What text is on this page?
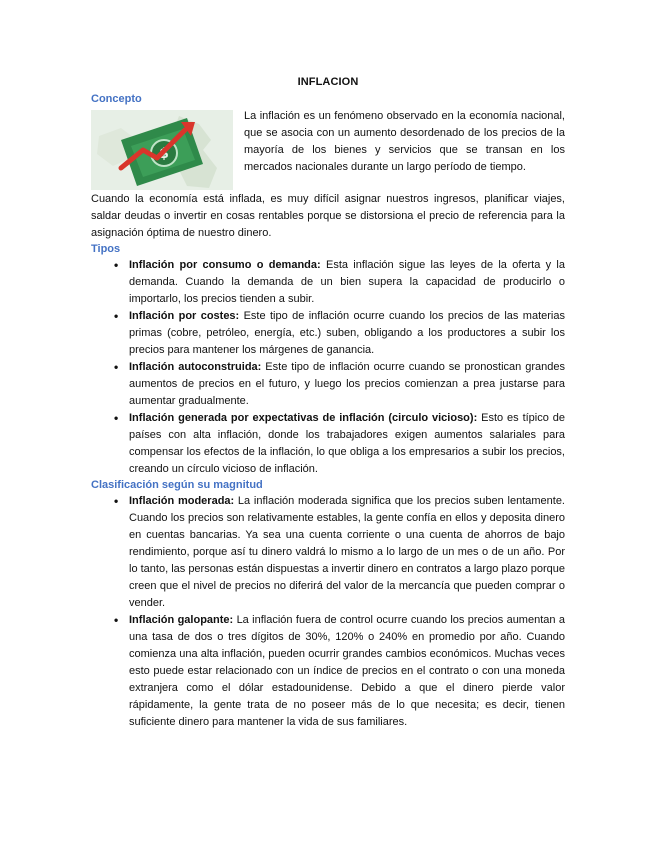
INFLACION
Concepto
$
La inflación es un fenómeno observado en la economía nacional, que se asocia con un aumento desordenado de los precios de la mayoría de los bienes y servicios que se transan en los mercados nacionales durante un largo período de tiempo.

Cuando la economía está inflada, es muy difícil asignar nuestros ingresos, planificar viajes, saldar deudas o invertir en cosas rentables porque se distorsiona el precio de referencia para la asignación óptima de nuestro dinero.

Tipos
• Inflación por consumo o demanda: Esta inflación sigue las leyes de la oferta y la demanda. Cuando la demanda de un bien supera la capacidad de producirlo o importarlo, los precios tienden a subir.
• Inflación por costes: Este tipo de inflación ocurre cuando los precios de las materias primas (cobre, petróleo, energía, etc.) suben, obligando a los productores a subir los precios para mantener los márgenes de ganancia.
• Inflación autoconstruida: Este tipo de inflación ocurre cuando se pronostican grandes aumentos de precios en el futuro, y luego los precios comienzan a prea justarse para aumentar gradualmente.
• Inflación generada por expectativas de inflación (circulo vicioso): Esto es típico de países con alta inflación, donde los trabajadores exigen aumentos salariales para compensar los efectos de la inflación, lo que obliga a los empresarios a subir los precios, creando un círculo vicioso de inflación.
Clasificación según su magnitud
• Inflación moderada: La inflación moderada significa que los precios suben lentamente. Cuando los precios son relativamente estables, la gente confía en ellos y deposita dinero en cuentas bancarias. Ya sea una cuenta corriente o una cuenta de ahorros de bajo rendimiento, porque así tu dinero valdrá lo mismo a lo largo de un mes o de un año. Por lo tanto, las personas están dispuestas a invertir dinero en contratos a largo plazo porque creen que el nivel de precios no diferirá del valor de la mercancía que pueden comprar o vender.
• Inflación galopante: La inflación fuera de control ocurre cuando los precios aumentan a una tasa de dos o tres dígitos de 30%, 120% o 240% en promedio por año. Cuando comienza una alta inflación, pueden ocurrir grandes cambios económicos. Muchas veces esto puede estar relacionado con un índice de precios en el contrato o con una moneda extranjera como el dólar estadounidense. Debido a que el dinero pierde valor rápidamente, la gente trata de no poseer más de lo que necesita; es decir, tienen suficiente dinero para mantener la vida de sus familiares.
